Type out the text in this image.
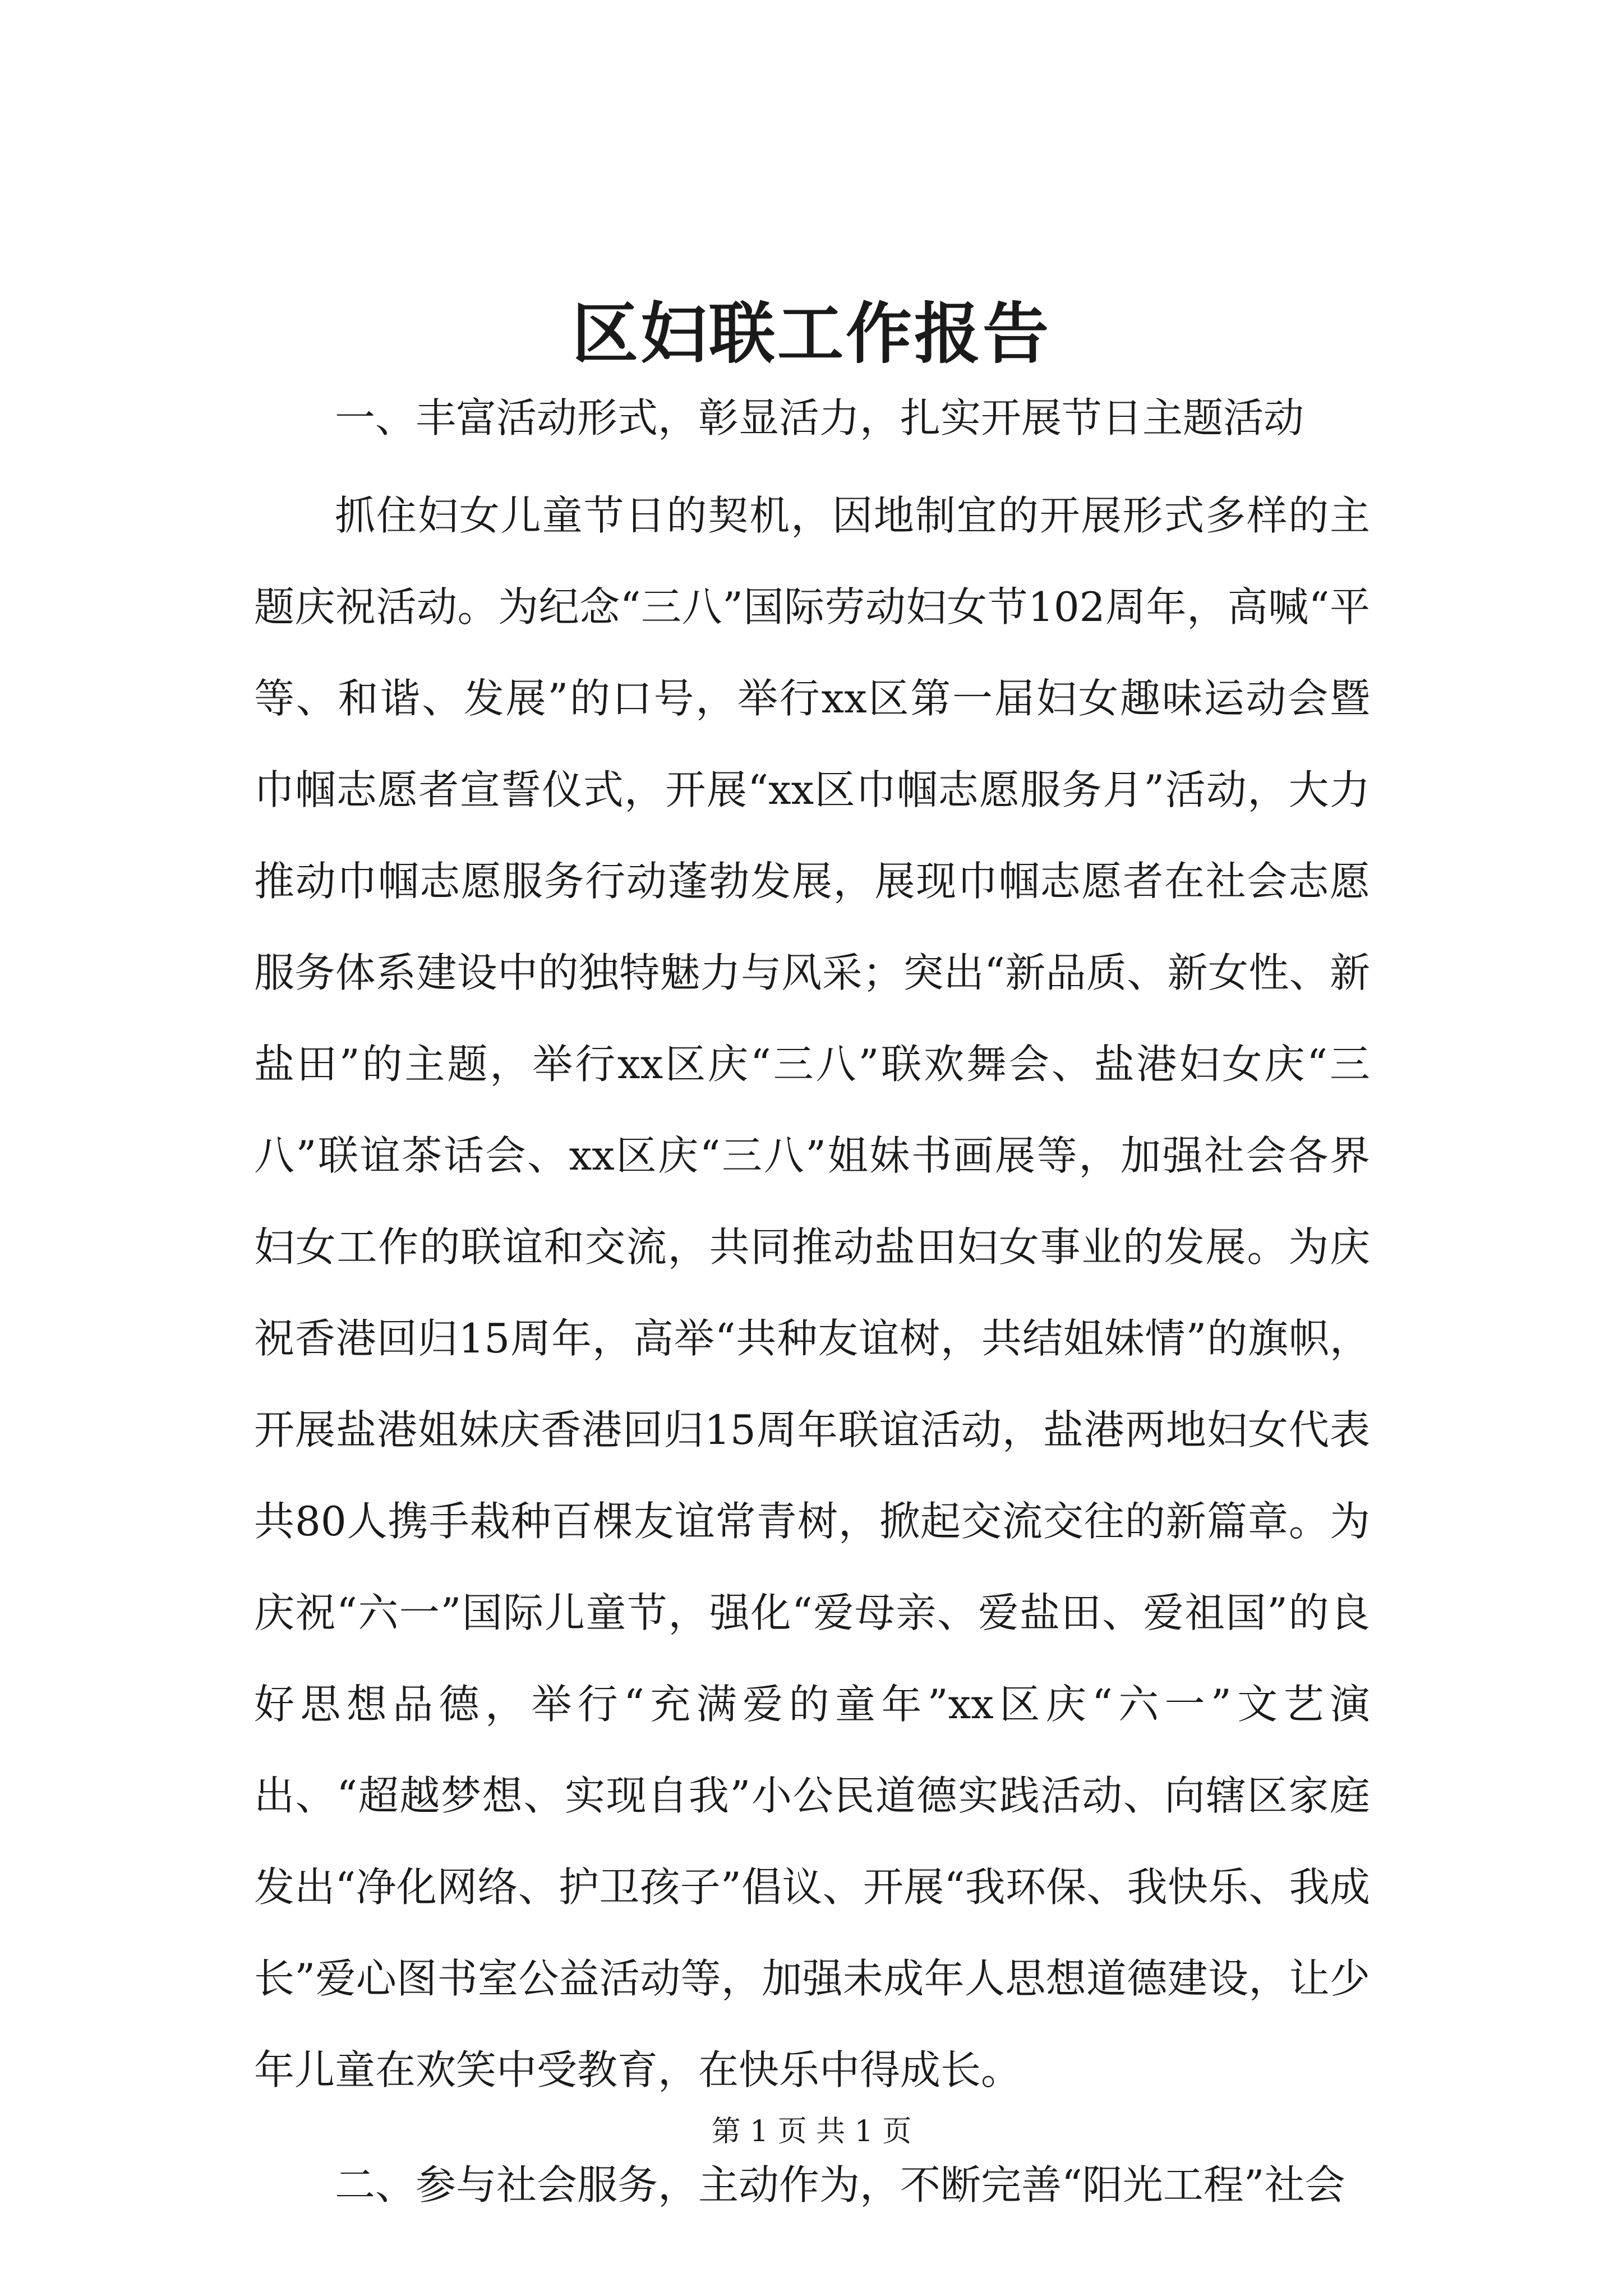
区妇联工作报告

一、丰富活动形式，彰显活力，扎实开展节日主题活动

抓住妇女儿童节日的契机，因地制宜的开展形式多样的主题庆祝活动。为纪念“三八”国际劳动妇女节102周年，高喊“平等、和谐、发展”的口号，举行xx区第一届妇女趣味运动会暨巾帼志愿者宣誓仪式，开展“xx区巾帼志愿服务月”活动，大力推动巾帼志愿服务行动蓬勃发展，展现巾帼志愿者在社会志愿服务体系建设中的独特魅力与风采；突出“新品质、新女性、新盐田”的主题，举行xx区庆“三八”联欢舞会、盐港妇女庆“三八”联谊茶话会、xx区庆“三八”姐妹书画展等，加强社会各界妇女工作的联谊和交流，共同推动盐田妇女事业的发展。为庆祝香港回归15周年，高举“共种友谊树，共结姐妹情”的旗帜，开展盐港姐妹庆香港回归15周年联谊活动，盐港两地妇女代表共80人携手栽种百棵友谊常青树，掀起交流交往的新篇章。为庆祝“六一”国际儿童节，强化“爱母亲、爱盐田、爱祖国”的良好思想品德，举行“充满爱的童年”xx区庆“六一”文艺演出、“超越梦想、实现自我”小公民道德实践活动、向辖区家庭发出“净化网络、护卫孩子”倡议、开展“我环保、我快乐、我成长”爱心图书室公益活动等，加强未成年人思想道德建设，让少年儿童在欢笑中受教育，在快乐中得成长。

二、参与社会服务，主动作为，不断完善“阳光工程”社会

第 1 页 共 1 页
